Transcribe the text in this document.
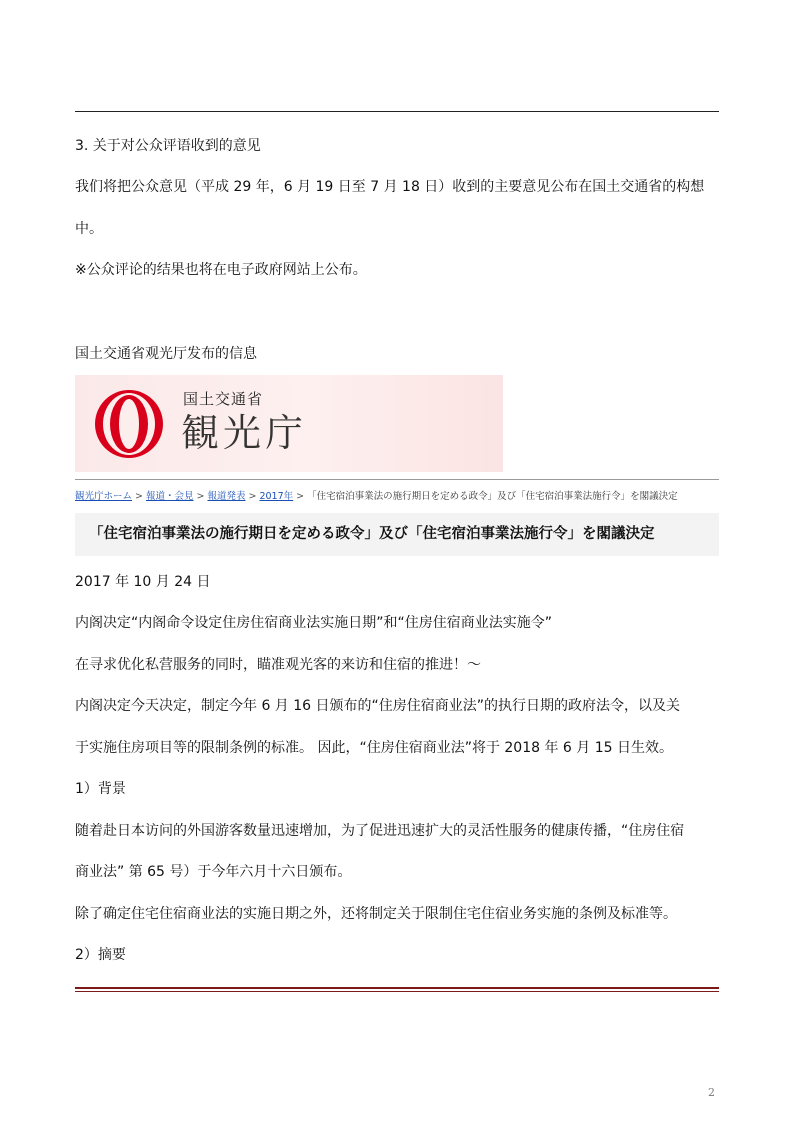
3. 关于对公众评语收到的意见
我们将把公众意见（平成 29 年，6 月 19 日至 7 月 18 日）收到的主要意见公布在国土交通省的构想
中。
※公众评论的结果也将在电子政府网站上公布。
国土交通省观光厅发布的信息
国土交通省
観光庁
観光庁ホーム > 報道・会見 > 報道発表 > 2017年 > 「住宅宿泊事業法の施行期日を定める政令」及び「住宅宿泊事業法施行令」を閣議決定
「住宅宿泊事業法の施行期日を定める政令」及び「住宅宿泊事業法施行令」を閣議決定
2017 年 10 月 24 日
内阁决定“内阁命令设定住房住宿商业法实施日期”和“住房住宿商业法实施令”
在寻求优化私营服务的同时，瞄准观光客的来访和住宿的推进！〜
内阁决定今天决定，制定今年 6 月 16 日颁布的“住房住宿商业法”的执行日期的政府法令，以及关
于实施住房项目等的限制条例的标准。 因此，“住房住宿商业法”将于 2018 年 6 月 15 日生效。
1）背景
随着赴日本访问的外国游客数量迅速增加，为了促进迅速扩大的灵活性服务的健康传播，“住房住宿
商业法” 第 65 号）于今年六月十六日颁布。
除了确定住宅住宿商业法的实施日期之外，还将制定关于限制住宅住宿业务实施的条例及标准等。
2）摘要
2
